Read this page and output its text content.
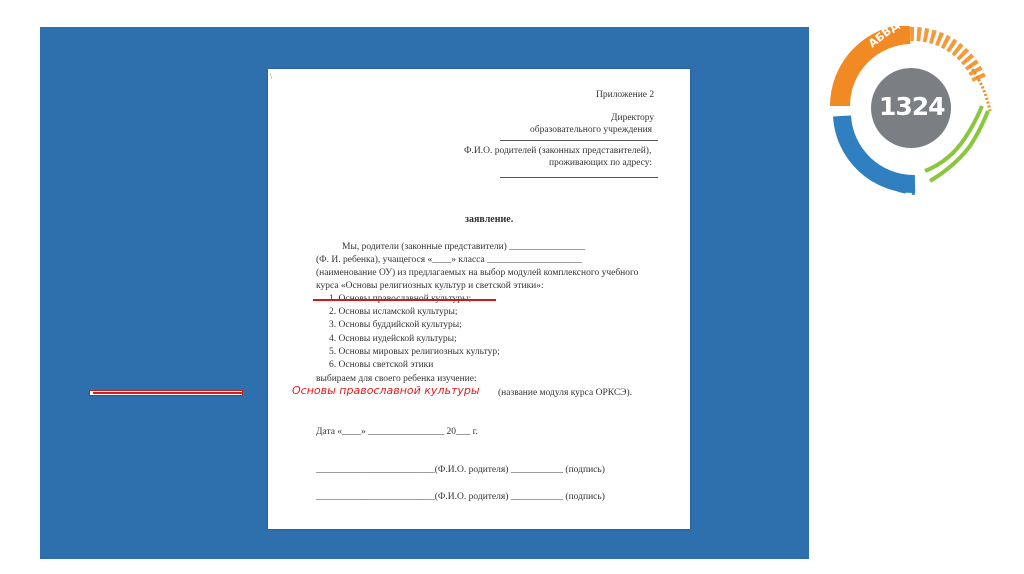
\
Приложение 2
Директору
образовательного учреждения
Ф.И.О. родителей (законных представителей),
проживающих по адресу:
заявление.
Мы, родители (законные представители) ________________
(Ф. И. ребенка), учащегося «____» класса ____________________
(наименование ОУ) из предлагаемых на выбор модулей комплексного учебного
курса «Основы религиозных культур и светской этики»:
2. Основы исламской культуры;
3. Основы буддийской культуры;
4. Основы иудейской культуры;
5. Основы мировых религиозных культур;
6. Основы светской этики
выбираем для своего ребенка изучение:
Основы православной культуры (название модуля курса ОРКСЭ).
Дата «____» ________________ 20___ г.
_________________________(Ф.И.О. родителя) ___________ (подпись)
_________________________(Ф.И.О. родителя) ___________ (подпись)
АБВДЕЁЖ
1324
